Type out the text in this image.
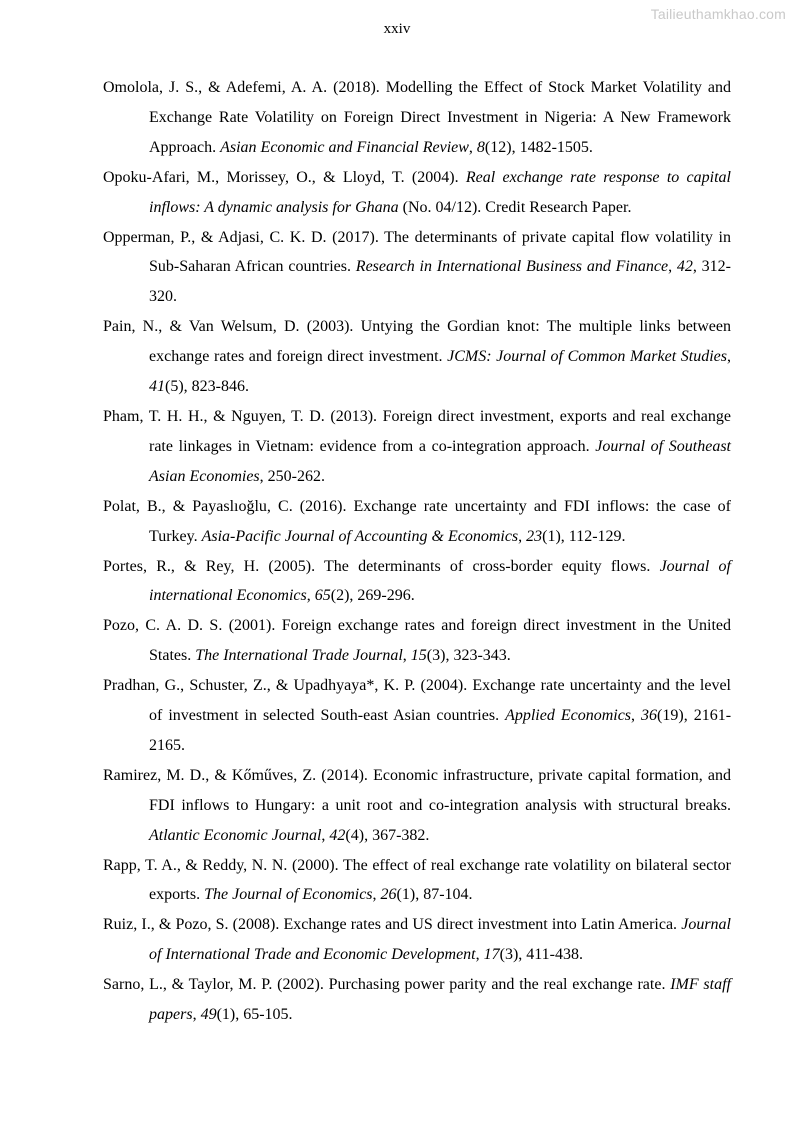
Tailieuthamkhao.com
xxiv

Omolola, J. S., & Adefemi, A. A. (2018). Modelling the Effect of Stock Market Volatility and Exchange Rate Volatility on Foreign Direct Investment in Nigeria: A New Framework Approach. Asian Economic and Financial Review, 8(12), 1482-1505.

Opoku-Afari, M., Morissey, O., & Lloyd, T. (2004). Real exchange rate response to capital inflows: A dynamic analysis for Ghana (No. 04/12). Credit Research Paper.

Opperman, P., & Adjasi, C. K. D. (2017). The determinants of private capital flow volatility in Sub-Saharan African countries. Research in International Business and Finance, 42, 312-320.

Pain, N., & Van Welsum, D. (2003). Untying the Gordian knot: The multiple links between exchange rates and foreign direct investment. JCMS: Journal of Common Market Studies, 41(5), 823-846.

Pham, T. H. H., & Nguyen, T. D. (2013). Foreign direct investment, exports and real exchange rate linkages in Vietnam: evidence from a co-integration approach. Journal of Southeast Asian Economies, 250-262.

Polat, B., & Payaslıoğlu, C. (2016). Exchange rate uncertainty and FDI inflows: the case of Turkey. Asia-Pacific Journal of Accounting & Economics, 23(1), 112-129.

Portes, R., & Rey, H. (2005). The determinants of cross-border equity flows. Journal of international Economics, 65(2), 269-296.

Pozo, C. A. D. S. (2001). Foreign exchange rates and foreign direct investment in the United States. The International Trade Journal, 15(3), 323-343.

Pradhan, G., Schuster, Z., & Upadhyaya*, K. P. (2004). Exchange rate uncertainty and the level of investment in selected South-east Asian countries. Applied Economics, 36(19), 2161-2165.

Ramirez, M. D., & Kőműves, Z. (2014). Economic infrastructure, private capital formation, and FDI inflows to Hungary: a unit root and co-integration analysis with structural breaks. Atlantic Economic Journal, 42(4), 367-382.

Rapp, T. A., & Reddy, N. N. (2000). The effect of real exchange rate volatility on bilateral sector exports. The Journal of Economics, 26(1), 87-104.

Ruiz, I., & Pozo, S. (2008). Exchange rates and US direct investment into Latin America. Journal of International Trade and Economic Development, 17(3), 411-438.

Sarno, L., & Taylor, M. P. (2002). Purchasing power parity and the real exchange rate. IMF staff papers, 49(1), 65-105.
